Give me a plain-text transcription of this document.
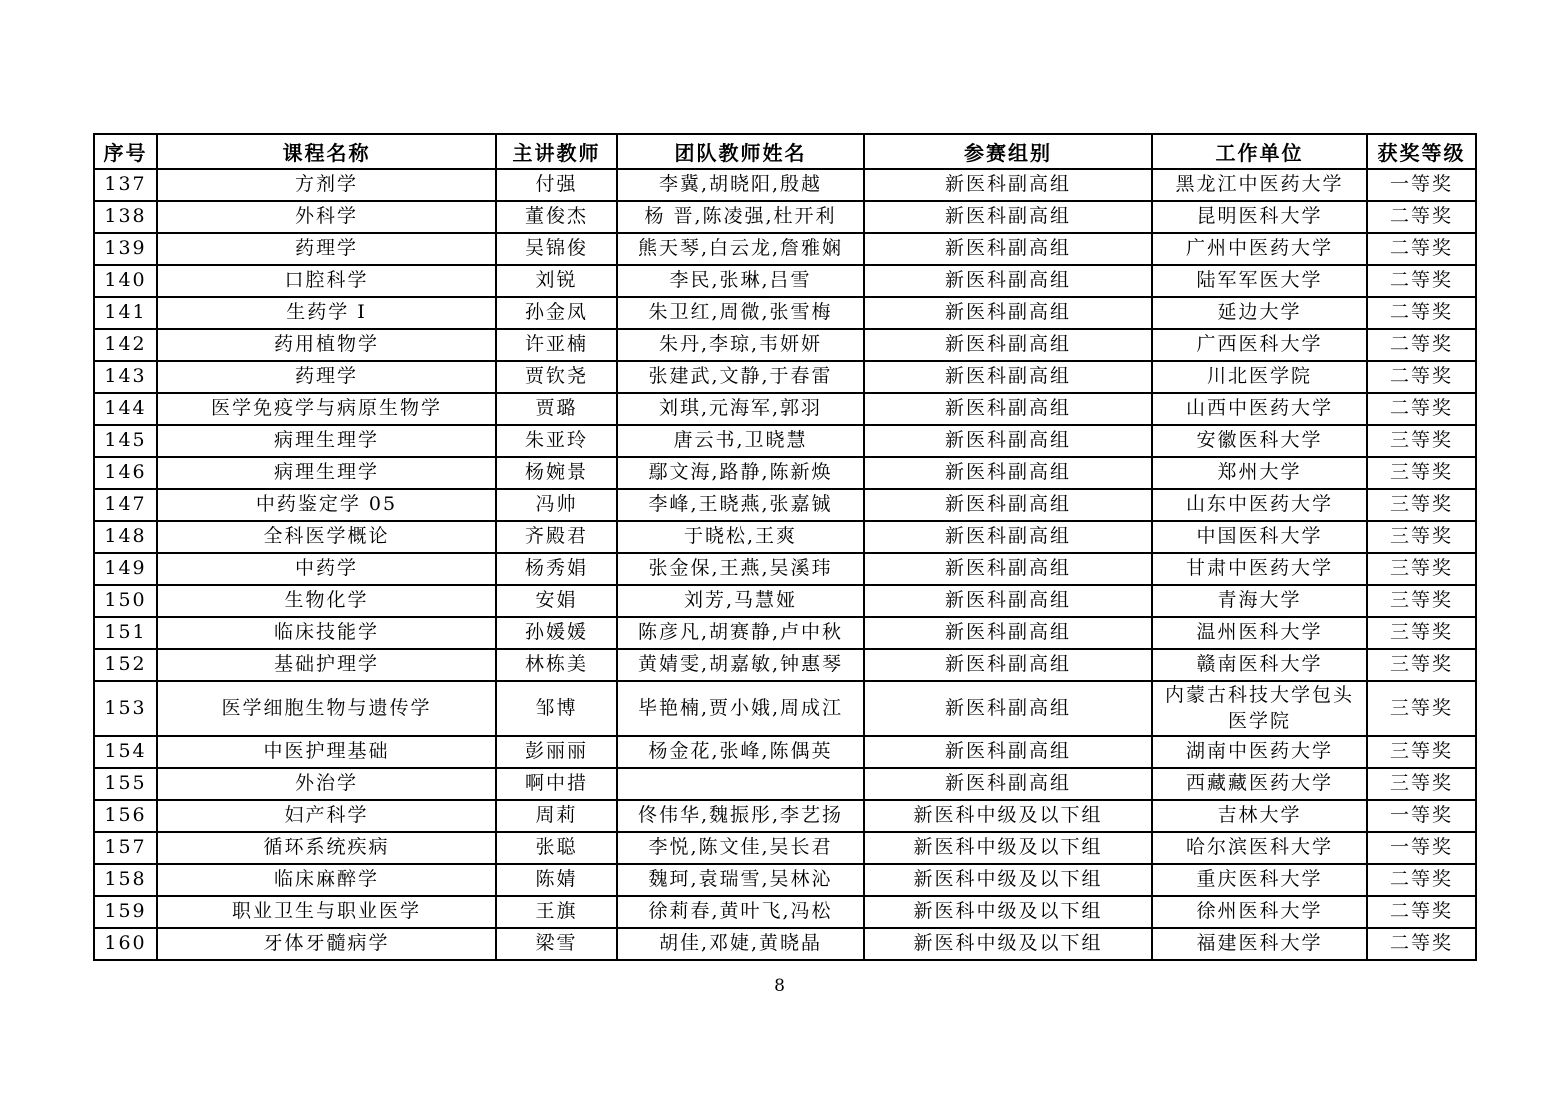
序号	课程名称	主讲教师	团队教师姓名	参赛组别	工作单位	获奖等级
137	方剂学	付强	李冀,胡晓阳,殷越	新医科副高组	黑龙江中医药大学	一等奖
138	外科学	董俊杰	杨 晋,陈凌强,杜开利	新医科副高组	昆明医科大学	二等奖
139	药理学	吴锦俊	熊天琴,白云龙,詹雅娴	新医科副高组	广州中医药大学	二等奖
140	口腔科学	刘锐	李民,张琳,吕雪	新医科副高组	陆军军医大学	二等奖
141	生药学 I	孙金凤	朱卫红,周微,张雪梅	新医科副高组	延边大学	二等奖
142	药用植物学	许亚楠	朱丹,李琼,韦妍妍	新医科副高组	广西医科大学	二等奖
143	药理学	贾钦尧	张建武,文静,于春雷	新医科副高组	川北医学院	二等奖
144	医学免疫学与病原生物学	贾璐	刘琪,元海军,郭羽	新医科副高组	山西中医药大学	二等奖
145	病理生理学	朱亚玲	唐云书,卫晓慧	新医科副高组	安徽医科大学	三等奖
146	病理生理学	杨婉景	鄢文海,路静,陈新焕	新医科副高组	郑州大学	三等奖
147	中药鉴定学 05	冯帅	李峰,王晓燕,张嘉铖	新医科副高组	山东中医药大学	三等奖
148	全科医学概论	齐殿君	于晓松,王爽	新医科副高组	中国医科大学	三等奖
149	中药学	杨秀娟	张金保,王燕,吴溪玮	新医科副高组	甘肃中医药大学	三等奖
150	生物化学	安娟	刘芳,马慧娅	新医科副高组	青海大学	三等奖
151	临床技能学	孙媛媛	陈彦凡,胡赛静,卢中秋	新医科副高组	温州医科大学	三等奖
152	基础护理学	林栋美	黄婧雯,胡嘉敏,钟惠琴	新医科副高组	赣南医科大学	三等奖
153	医学细胞生物与遗传学	邹博	毕艳楠,贾小娥,周成江	新医科副高组	内蒙古科技大学包头医学院	三等奖
154	中医护理基础	彭丽丽	杨金花,张峰,陈偶英	新医科副高组	湖南中医药大学	三等奖
155	外治学	啊中措		新医科副高组	西藏藏医药大学	三等奖
156	妇产科学	周莉	佟伟华,魏振彤,李艺扬	新医科中级及以下组	吉林大学	一等奖
157	循环系统疾病	张聪	李悦,陈文佳,吴长君	新医科中级及以下组	哈尔滨医科大学	一等奖
158	临床麻醉学	陈婧	魏珂,袁瑞雪,吴林沁	新医科中级及以下组	重庆医科大学	二等奖
159	职业卫生与职业医学	王旗	徐莉春,黄叶飞,冯松	新医科中级及以下组	徐州医科大学	二等奖
160	牙体牙髓病学	梁雪	胡佳,邓婕,黄晓晶	新医科中级及以下组	福建医科大学	二等奖
8
